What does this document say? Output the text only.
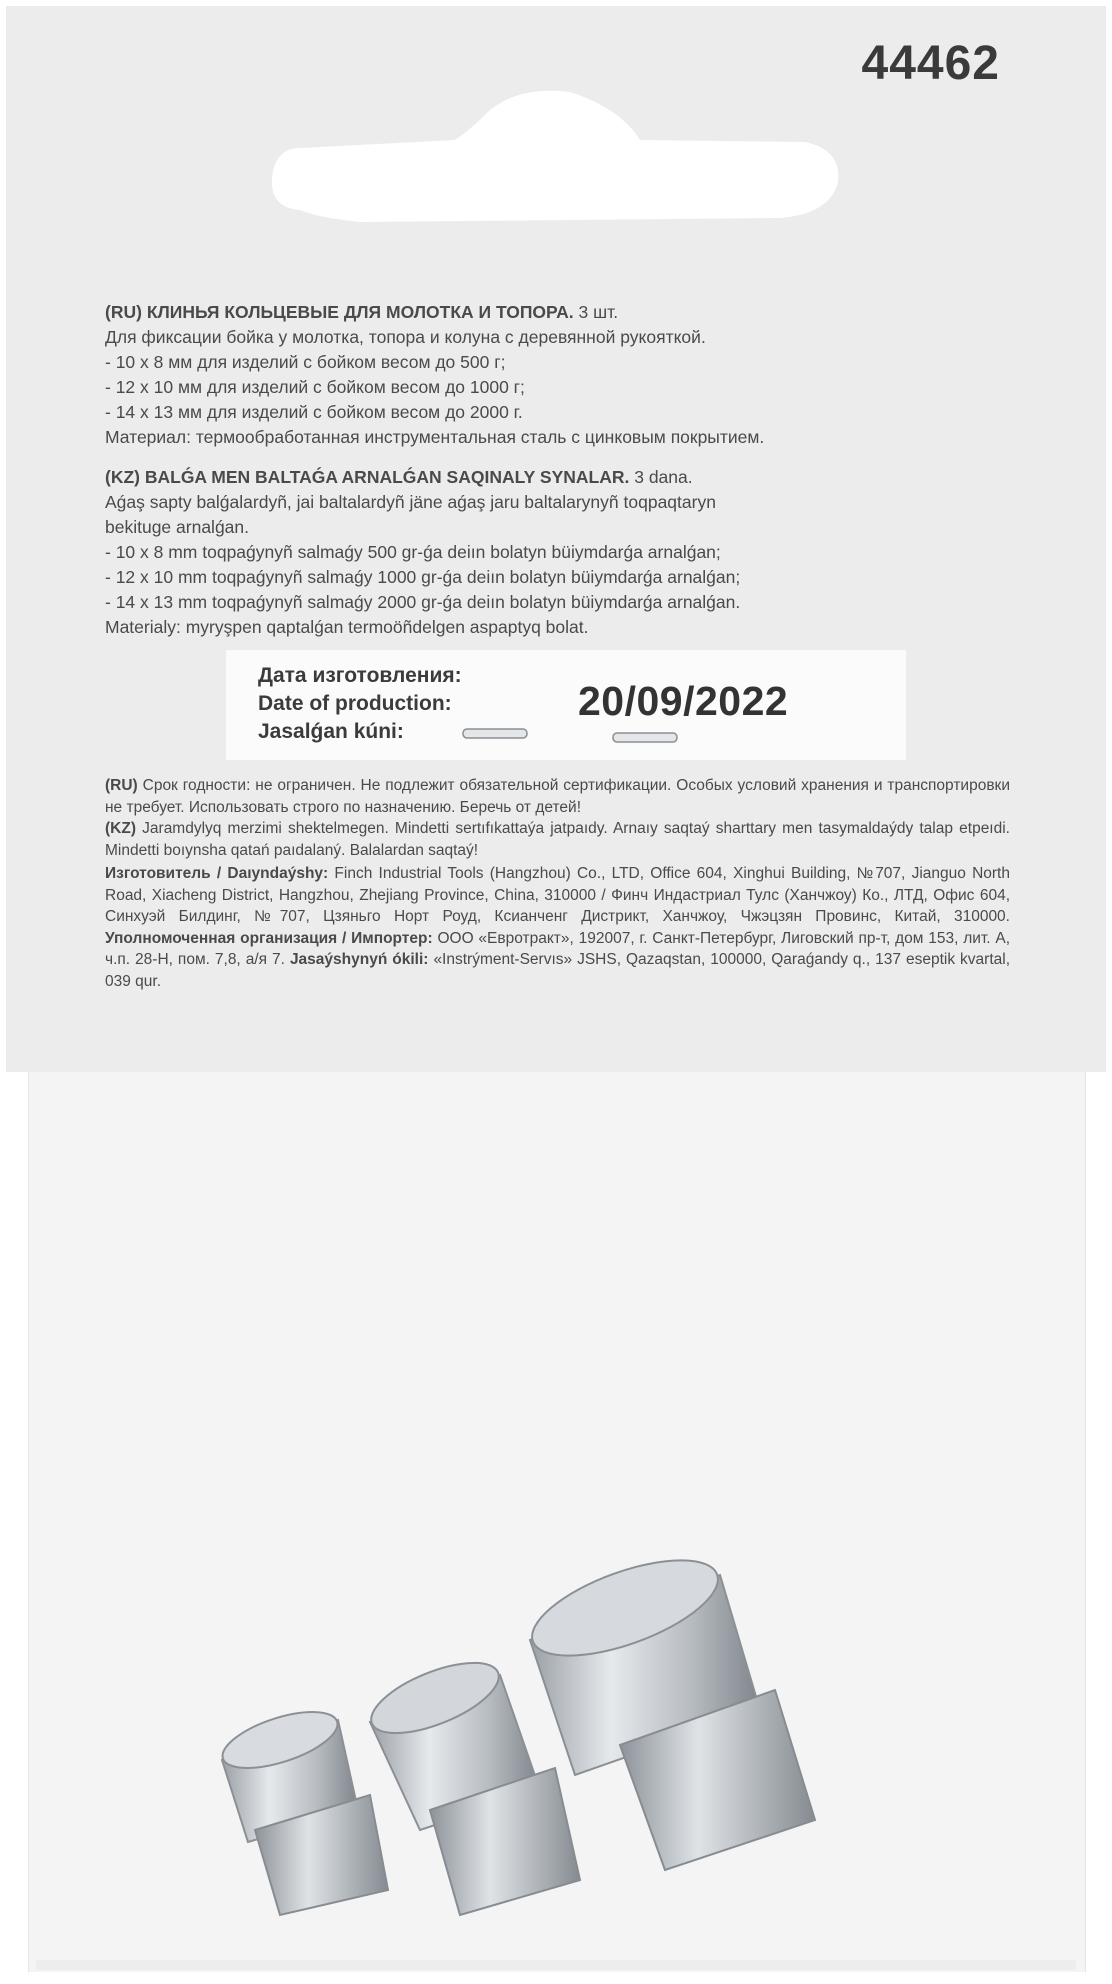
44462

(RU) КЛИНЬЯ КОЛЬЦЕВЫЕ ДЛЯ МОЛОТКА И ТОПОРА. 3 шт.

Для фиксации бойка у молотка, топора и колуна с деревянной рукояткой.

- 10 x 8 мм для изделий с бойком весом до 500 г;

- 12 x 10 мм для изделий с бойком весом до 1000 г;

- 14 x 13 мм для изделий с бойком весом до 2000 г.

Материал: термообработанная инструментальная сталь с цинковым покрытием.

(KZ) BALǴA MEN BALTAǴA ARNALǴAN SAQINALY SYNALAR. 3 dana.

Aǵaş sapty balǵalardyñ, jai baltalardyñ jäne aǵaş jaru baltalarynyñ toqpaqtaryn

bekituge arnalǵan.

- 10 x 8 mm toqpaǵynyñ salmaǵy 500 gr-ǵa deiın bolatyn büiymdarǵa arnalǵan;

- 12 x 10 mm toqpaǵynyñ salmaǵy 1000 gr-ǵa deiın bolatyn büiymdarǵa arnalǵan;

- 14 x 13 mm toqpaǵynyñ salmaǵy 2000 gr-ǵa deiın bolatyn büiymdarǵa arnalǵan.

Materialy: myryşpen qaptalǵan termoöñdelgen aspaptyq bolat.

Дата изготовления:
Date of production:
Jasalǵan kúni:
20/09/2022

(RU) Срок годности: не ограничен. Не подлежит обязательной сертификации. Особых условий хранения и транспортировки не требует. Использовать строго по назначению. Беречь от детей!

(KZ) Jaramdylyq merzimi shektelmegen. Mindetti sertıfıkattaýa jatpaıdy. Arnaıy saqtaý sharttary men tasymaldaýdy talap etpeıdi. Mindetti boıynsha qatań paıdalaný. Balalardan saqtaý!

Изготовитель / Daıyndaýshy: Finch Industrial Tools (Hangzhou) Co., LTD, Office 604, Xinghui Building, №707, Jianguo North Road, Xiacheng District, Hangzhou, Zhejiang Province, China, 310000 / Финч Индастриал Тулс (Ханчжоу) Ко., ЛТД, Офис 604, Синхуэй Билдинг, №707, Цзяньго Норт Роуд, Ксианченг Дистрикт, Ханчжоу, Чжэцзян Провинс, Китай, 310000. Уполномоченная организация / Импортер: ООО «Евротракт», 192007, г. Санкт-Петербург, Лиговский пр-т, дом 153, лит. А, ч.п. 28-Н, пом. 7,8, а/я 7. Jasaýshynyń ókili: «Instrýment-Servıs» JSHS, Qazaqstan, 100000, Qaraǵandy q., 137 eseptik kvartal, 039 qur.
